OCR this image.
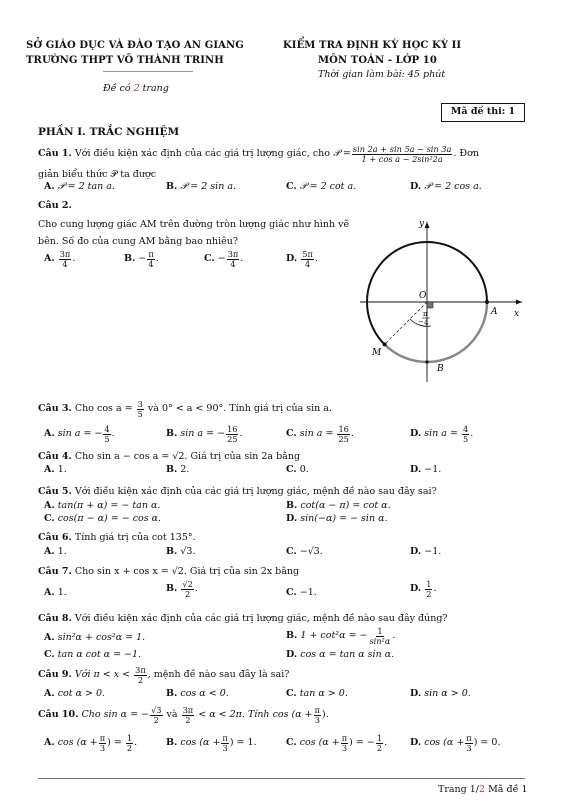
SỞ GIÁO DỤC VÀ ĐÀO TẠO AN GIANG
TRƯỜNG THPT VÕ THÀNH TRINH
Đề có 2 trang
KIỂM TRA ĐỊNH KỲ HỌC KỲ II
MÔN TOÁN - LỚP 10
Thời gian làm bài: 45 phút
Mã đề thi: 1
PHẦN I. TRẮC NGHIỆM
Câu 1.
Với điều kiện xác định của các giá trị lượng giác, cho
𝒫
= $\frac{\sin 2a + \sin 5a - \sin 3a}{\text{1 + cos a − 2sin²2a}}$ . Đơn
giản biểu thức 𝒫 ta được
A. 𝒫 = 2 tan a.	B. 𝒫 = 2 sin a.	C. 𝒫 = 2 cot a.	D. 𝒫 = 2 cos a.
Câu 2.
Cho cung lượng giác AM trên đường tròn lượng giác như hình vẽ
bên. Số đo của cung AM bằng bao nhiêu?
A.
$\frac{3\pi}{4}$ .	B.
− $\frac{\pi}{4}$ .	C.
− $\frac{3\pi}{4}$ .	D.
$\frac{5\pi}{4}$ .
y
x
O
A
M
B
−
π
4
Câu 3.
Cho cos a =
$\frac{3}{5}$
và 0° < a < 90°. Tính giá trị của sin a.
A.
sin a = − $\frac{4}{5}$ .	B.
sin a = − $\frac{16}{25}$ .	C.
sin a =
$\frac{16}{25}$ .	D.
sin a =
$\frac{4}{5}$ .
Câu 4. Cho sin a − cos a = √2. Giá trị của sin 2a bằng
A. 1.	B. 2.	C. 0.	D. −1.
Câu 5. Với điều kiện xác định của các giá trị lượng giác, mệnh đề nào sau đây sai?
A. tan(π + α) = − tan α.	B. cot(α − π) = cot α.
C. cos(π − α) = − cos α.	D. sin(−α) = − sin α.
Câu 6. Tính giá trị của cot 135°.
A. 1.	B. √3.	C. −√3.	D. −1.
Câu 7. Cho sin x + cos x = √2. Giá trị của sin 2x bằng
A. 1.	B.
$\frac{√2}{2}$ .	C. −1.	D.
$\frac{1}{2}$ .
Câu 8. Với điều kiện xác định của các giá trị lượng giác, mệnh đề nào sau đây đúng?
A. sin²α + cos²α = 1.	B.
1 + cot²α = − $\frac{1}{\text{sin²α}}$ .
C. tan α cot α = −1.	D. cos α = tan α sin α.
Câu 9.
Với π < x <
$\frac{3\pi}{2}$ , mệnh đề nào sau đây là sai?
A. cot α > 0.	B. cos α < 0.	C. tan α > 0.	D. sin α > 0.
Câu 10.
Cho sin α = − $\frac{√3}{2}$
và
$\frac{3\pi}{2}$
< α < 2π. Tính cos
($\alpha + \frac{\pi}{3}$ ).
A.
$\cos (\alpha + \frac{\pi}{3}$ ) =
$\frac{1}{2}$ .	B.
$\cos (\alpha + \frac{\pi}{3}$ ) = 1.	C.
$\cos (\alpha + \frac{\pi}{3}$ ) = − $\frac{1}{2}$ . D.
$\cos (\alpha + \frac{\pi}{3}$ ) = 0.
Trang 1/2 Mã đề 1
